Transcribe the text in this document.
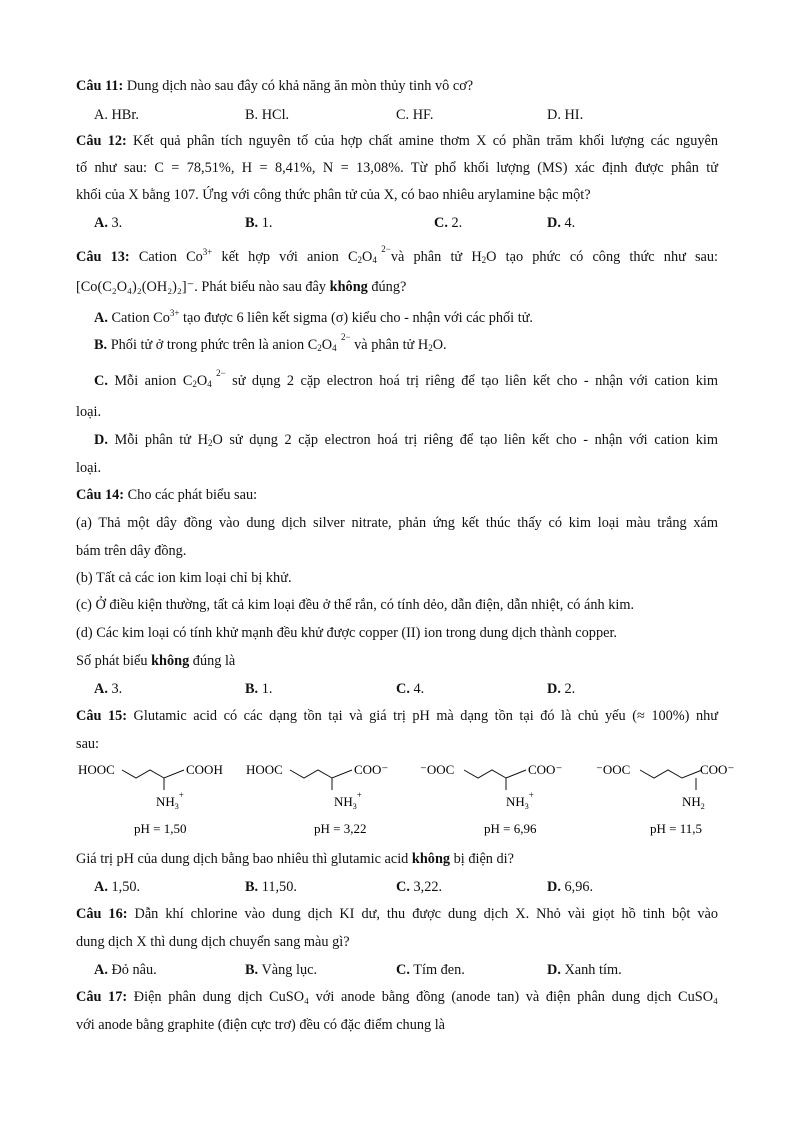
Câu 11: Dung dịch nào sau đây có khả năng ăn mòn thủy tinh vô cơ?
A. HBr.	B. HCl.	C. HF.	D. HI.
Câu 12: Kết quả phân tích nguyên tố của hợp chất amine thơm X có phần trăm khối lượng các nguyên
tố như sau: C = 78,51%, H = 8,41%, N = 13,08%. Từ phổ khối lượng (MS) xác định được phân tử
khối của X bằng 107. Ứng với công thức phân tử của X, có bao nhiêu arylamine bậc một?
A. 3.	B. 1.	C. 2.	D. 4.
Câu 13: Cation $Co^{3+}$ kết hợp với anion C2O4
2− và phân tử $H_2O$ tạo phức có công thức như sau:
[Co(C₂O₄)₂(OH₂)₂]⁻. Phát biểu nào sau đây không đúng?
A. Cation $Co^{3+}$ tạo được 6 liên kết sigma (σ) kiểu cho - nhận với các phối tử.
B. Phối tử ở trong phức trên là anion C2O4
2− và phân tử $H_2O$.
C. Mỗi anion C2O4
2− sử dụng 2 cặp electron hoá trị riêng để tạo liên kết cho - nhận với cation kim
loại.
D. Mỗi phân tử $H_2O$ sử dụng 2 cặp electron hoá trị riêng để tạo liên kết cho - nhận với cation kim
loại.
Câu 14: Cho các phát biểu sau:
(a) Thả một dây đồng vào dung dịch silver nitrate, phản ứng kết thúc thấy có kim loại màu trắng xám
bám trên dây đồng.
(b) Tất cả các ion kim loại chỉ bị khử.
(c) Ở điều kiện thường, tất cả kim loại đều ở thể rắn, có tính dẻo, dẫn điện, dẫn nhiệt, có ánh kim.
(d) Các kim loại có tính khử mạnh đều khử được copper (II) ion trong dung dịch thành copper.
Số phát biểu không đúng là
A. 3.	B. 1.	C. 4.	D. 2.
Câu 15: Glutamic acid có các dạng tồn tại và giá trị pH mà dạng tồn tại đó là chủ yếu (≈ 100%) như
sau:
HOOC	COOH
$NH_3^+$
pH = 1,50
HOOC	COO⁻
$NH_3^+$
pH = 3,22
⁻OOC	COO⁻
$NH_3^+$
pH = 6,96
⁻OOC	COO⁻
$NH_2$
pH = 11,5
Giá trị pH của dung dịch bằng bao nhiêu thì glutamic acid không bị điện di?
A. 1,50.	B. 11,50.	C. 3,22.	D. 6,96.
Câu 16: Dẫn khí chlorine vào dung dịch KI dư, thu được dung dịch X. Nhỏ vài giọt hồ tinh bột vào
dung dịch X thì dung dịch chuyển sang màu gì?
A. Đỏ nâu.	B. Vàng lục.	C. Tím đen.	D. Xanh tím.
Câu 17: Điện phân dung dịch CuSO₄ với anode bằng đồng (anode tan) và điện phân dung dịch CuSO₄
với anode bằng graphite (điện cực trơ) đều có đặc điểm chung là
